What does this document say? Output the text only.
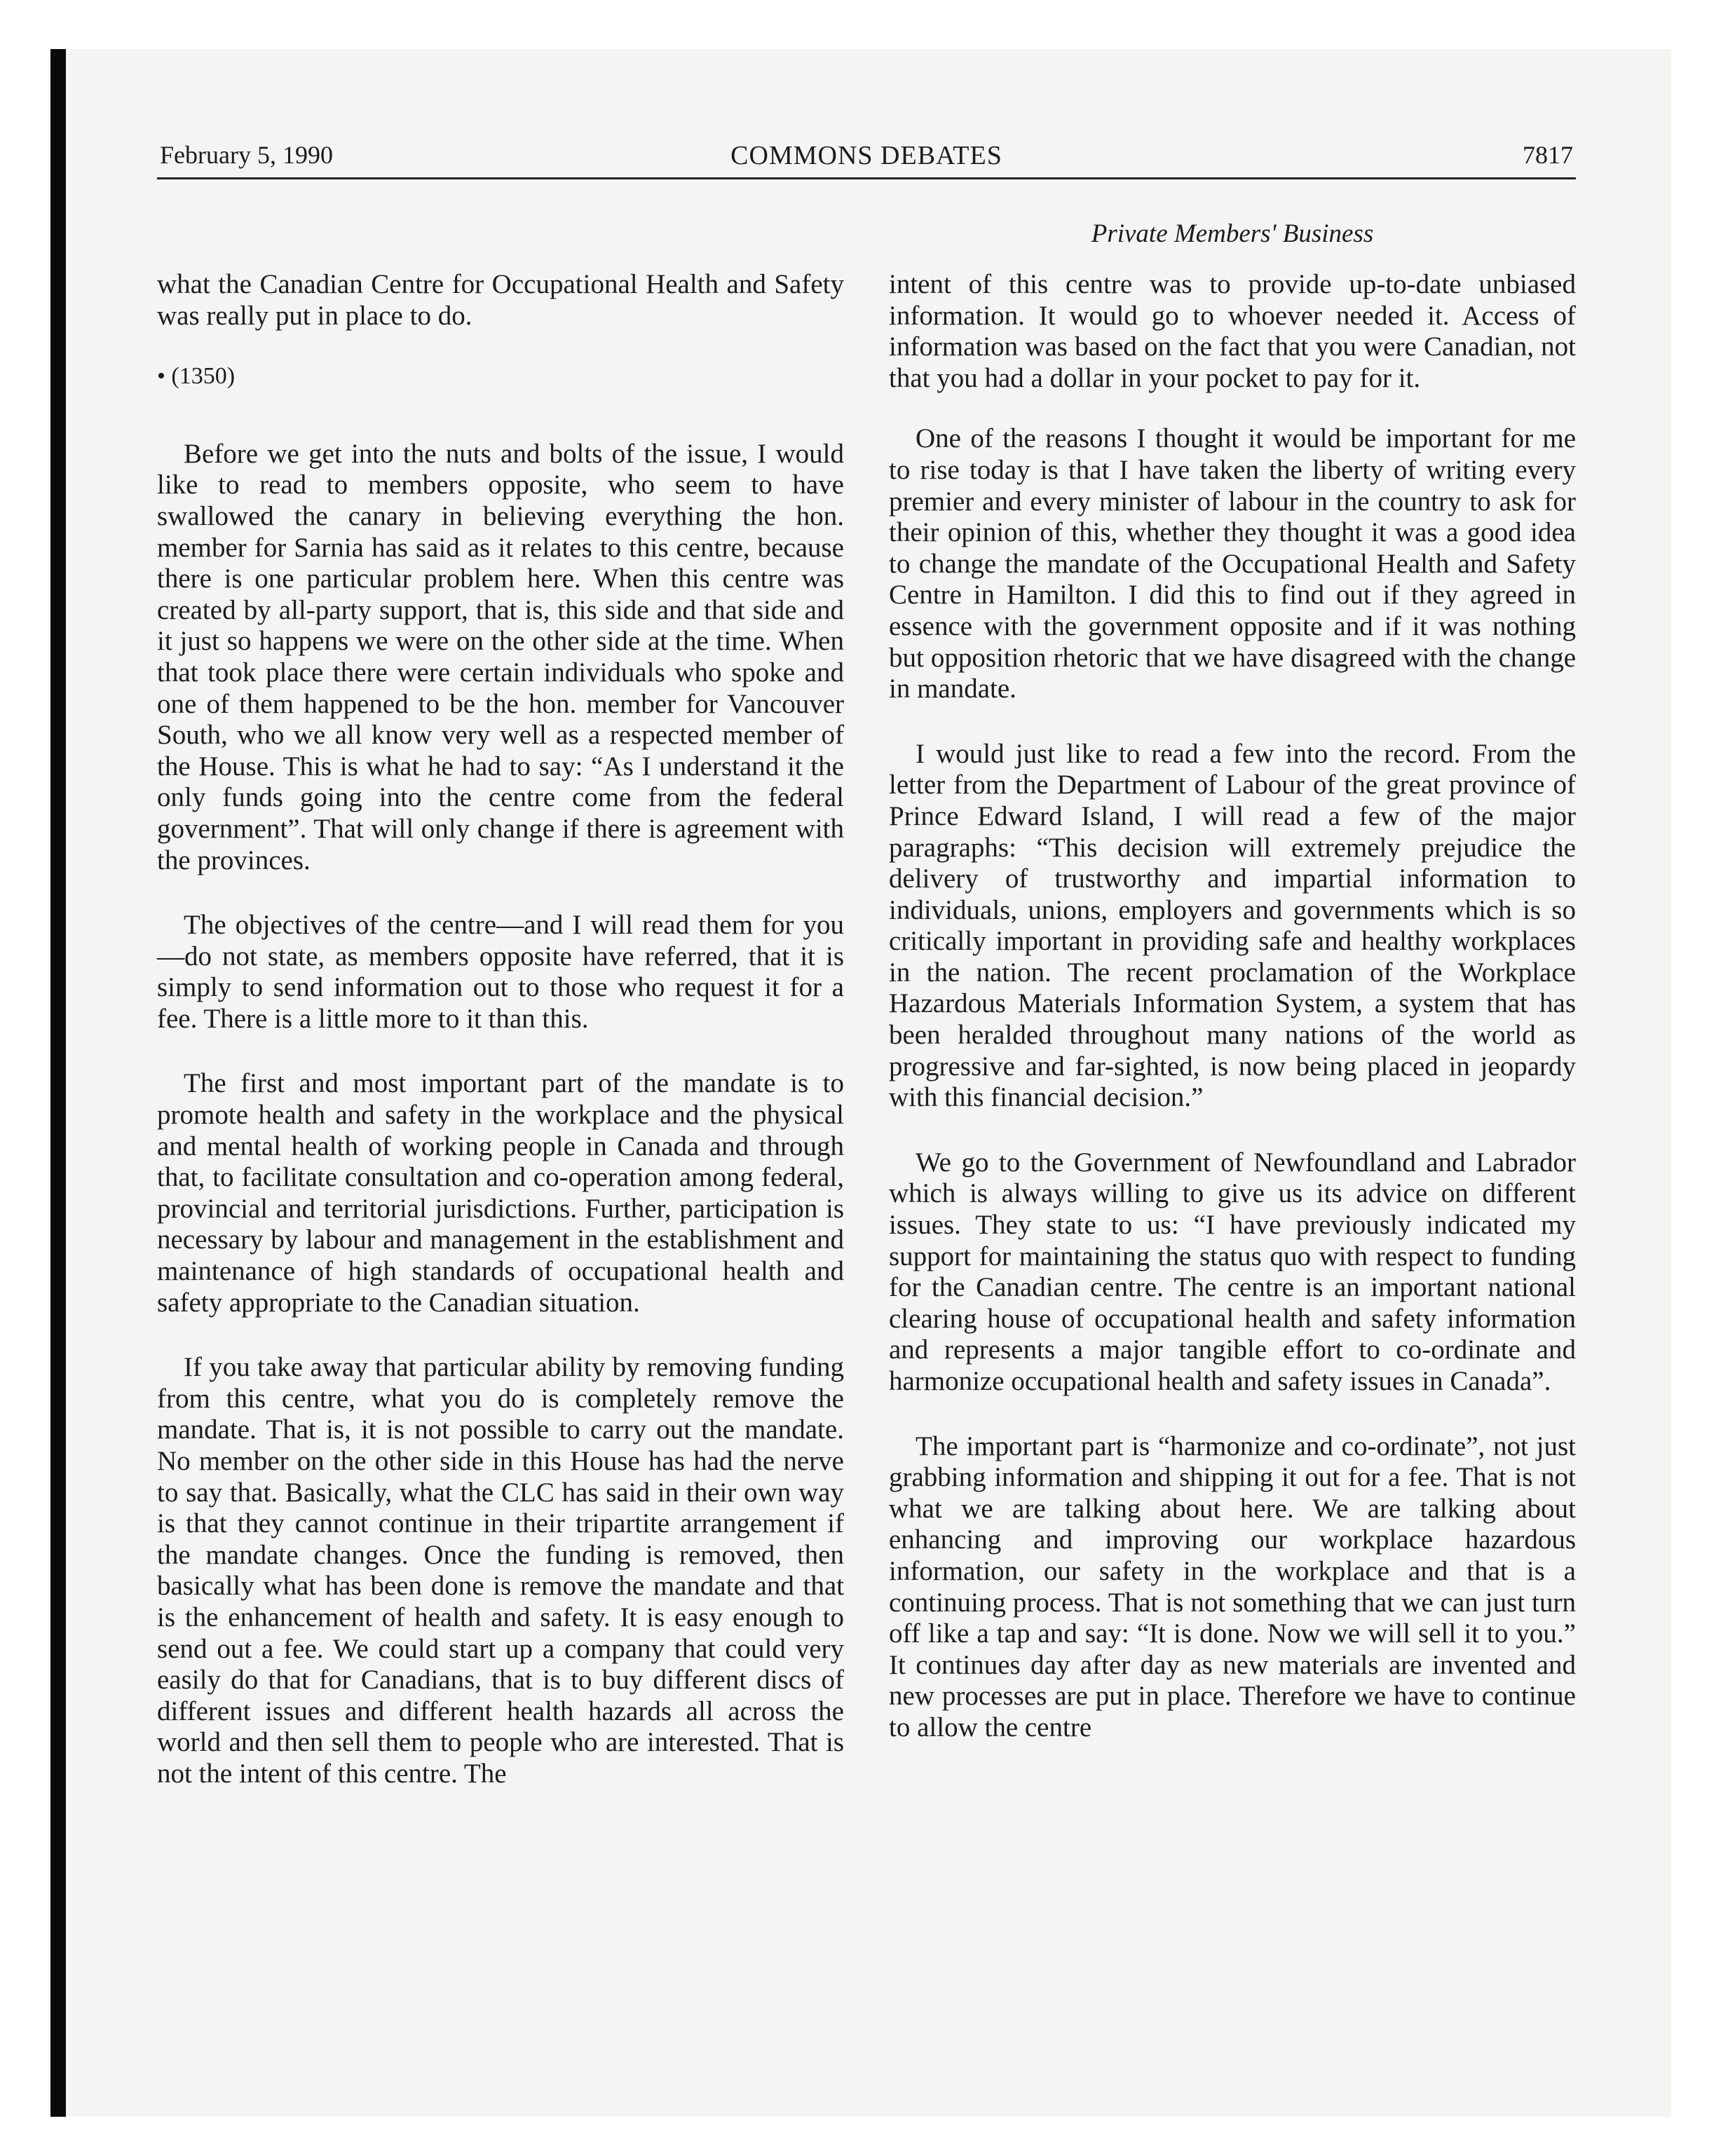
February 5, 1990	COMMONS DEBATES	7817
Private Members' Business

what the Canadian Centre for Occupational Health and Safety was really put in place to do.

• (1350)

Before we get into the nuts and bolts of the issue, I would like to read to members opposite, who seem to have swallowed the canary in believing everything the hon. member for Sarnia has said as it relates to this centre, because there is one particular problem here. When this centre was created by all-party support, that is, this side and that side and it just so happens we were on the other side at the time. When that took place there were certain individuals who spoke and one of them happened to be the hon. member for Vancouver South, who we all know very well as a respected member of the House. This is what he had to say: “As I understand it the only funds going into the centre come from the federal government”. That will only change if there is agreement with the provinces.

The objectives of the centre—and I will read them for you—do not state, as members opposite have referred, that it is simply to send information out to those who request it for a fee. There is a little more to it than this.

The first and most important part of the mandate is to promote health and safety in the workplace and the physical and mental health of working people in Canada and through that, to facilitate consultation and co-operation among federal, provincial and territorial jurisdictions. Further, participation is necessary by labour and management in the establishment and maintenance of high standards of occupational health and safety appropriate to the Canadian situation.

If you take away that particular ability by removing funding from this centre, what you do is completely remove the mandate. That is, it is not possible to carry out the mandate. No member on the other side in this House has had the nerve to say that. Basically, what the CLC has said in their own way is that they cannot continue in their tripartite arrangement if the mandate changes. Once the funding is removed, then basically what has been done is remove the mandate and that is the enhancement of health and safety. It is easy enough to send out a fee. We could start up a company that could very easily do that for Canadians, that is to buy different discs of different issues and different health hazards all across the world and then sell them to people who are interested. That is not the intent of this centre. The

intent of this centre was to provide up-to-date unbiased information. It would go to whoever needed it. Access of information was based on the fact that you were Canadian, not that you had a dollar in your pocket to pay for it.

One of the reasons I thought it would be important for me to rise today is that I have taken the liberty of writing every premier and every minister of labour in the country to ask for their opinion of this, whether they thought it was a good idea to change the mandate of the Occupational Health and Safety Centre in Hamilton. I did this to find out if they agreed in essence with the government opposite and if it was nothing but opposition rhetoric that we have disagreed with the change in mandate.

I would just like to read a few into the record. From the letter from the Department of Labour of the great province of Prince Edward Island, I will read a few of the major paragraphs: “This decision will extremely prejudice the delivery of trustworthy and impartial information to individuals, unions, employers and governments which is so critically important in providing safe and healthy workplaces in the nation. The recent proclamation of the Workplace Hazardous Materials Information System, a system that has been heralded throughout many nations of the world as progressive and far-sighted, is now being placed in jeopardy with this financial decision.”

We go to the Government of Newfoundland and Labrador which is always willing to give us its advice on different issues. They state to us: “I have previously indicated my support for maintaining the status quo with respect to funding for the Canadian centre. The centre is an important national clearing house of occupational health and safety information and represents a major tangible effort to co-ordinate and harmonize occupational health and safety issues in Canada”.

The important part is “harmonize and co-ordinate”, not just grabbing information and shipping it out for a fee. That is not what we are talking about here. We are talking about enhancing and improving our workplace hazardous information, our safety in the workplace and that is a continuing process. That is not something that we can just turn off like a tap and say: “It is done. Now we will sell it to you.” It continues day after day as new materials are invented and new processes are put in place. Therefore we have to continue to allow the centre
